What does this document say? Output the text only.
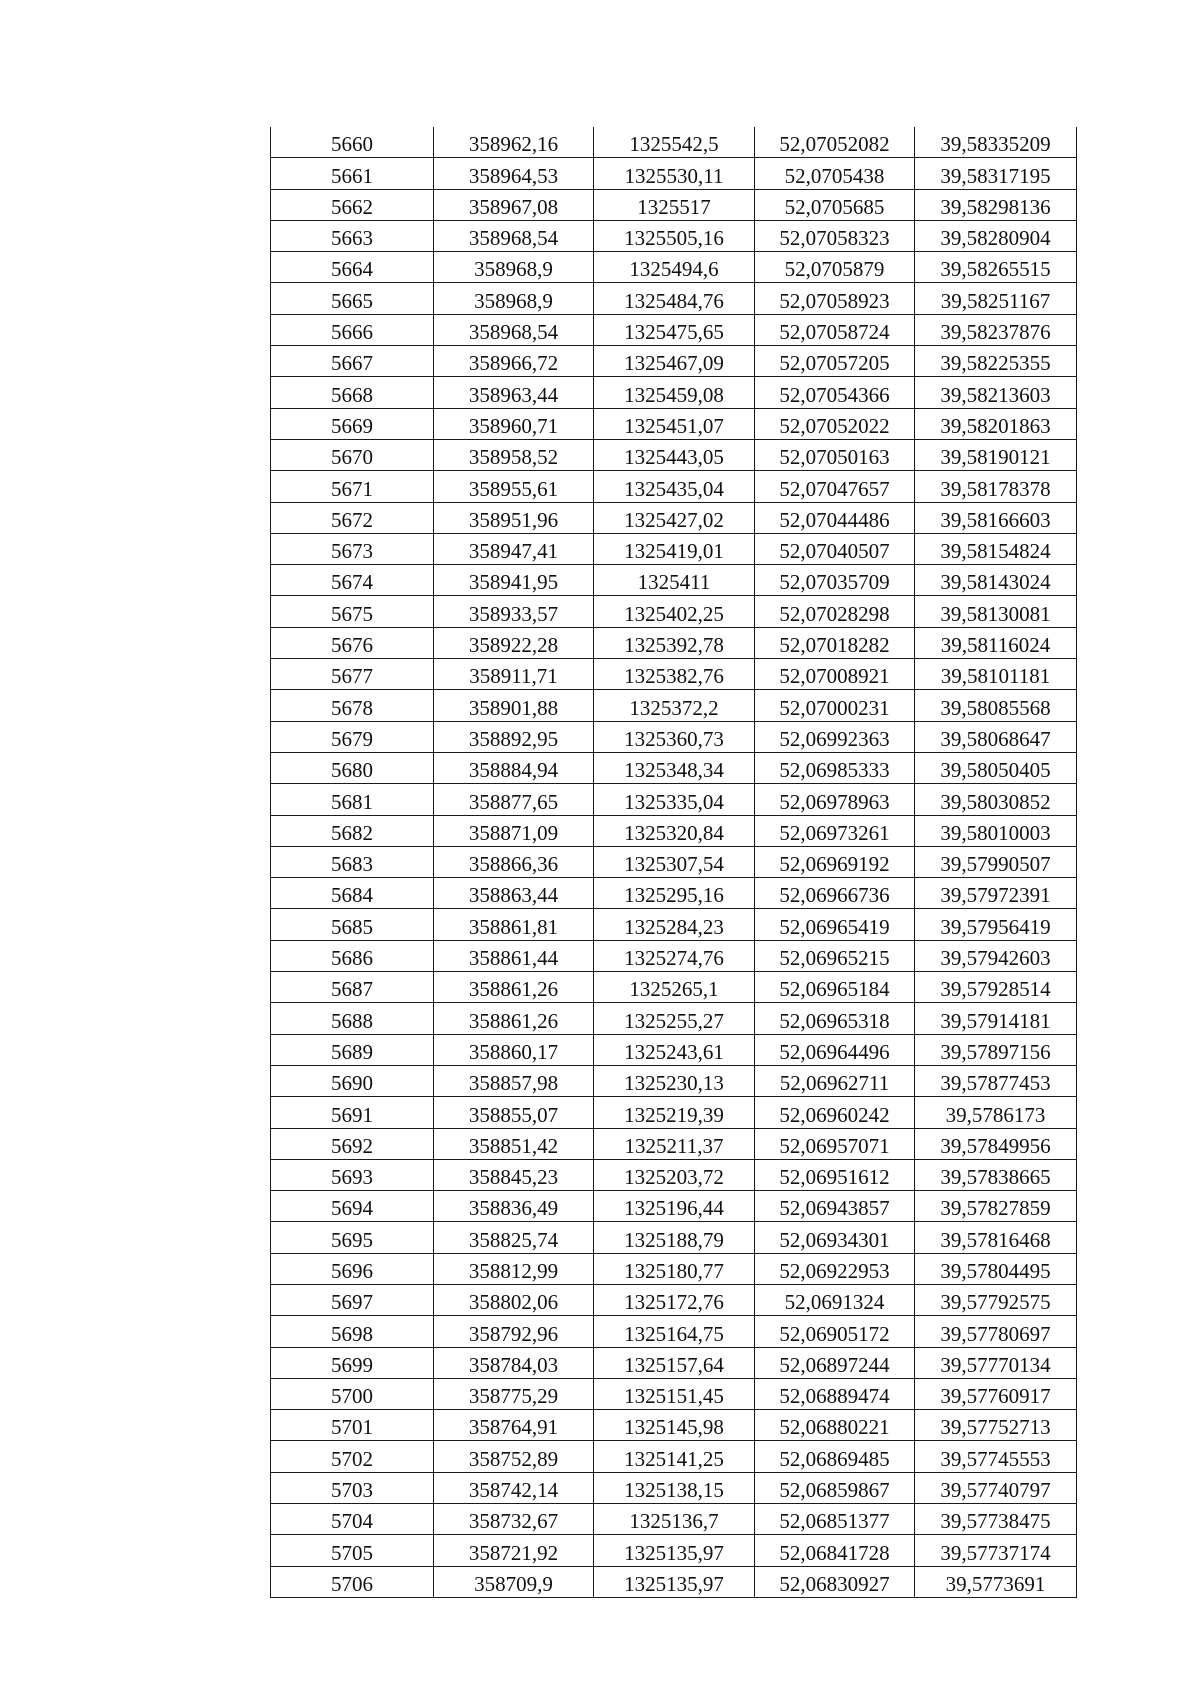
5660	358962,16	1325542,5	52,07052082	39,58335209
5661	358964,53	1325530,11	52,0705438	39,58317195
5662	358967,08	1325517	52,0705685	39,58298136
5663	358968,54	1325505,16	52,07058323	39,58280904
5664	358968,9	1325494,6	52,0705879	39,58265515
5665	358968,9	1325484,76	52,07058923	39,58251167
5666	358968,54	1325475,65	52,07058724	39,58237876
5667	358966,72	1325467,09	52,07057205	39,58225355
5668	358963,44	1325459,08	52,07054366	39,58213603
5669	358960,71	1325451,07	52,07052022	39,58201863
5670	358958,52	1325443,05	52,07050163	39,58190121
5671	358955,61	1325435,04	52,07047657	39,58178378
5672	358951,96	1325427,02	52,07044486	39,58166603
5673	358947,41	1325419,01	52,07040507	39,58154824
5674	358941,95	1325411	52,07035709	39,58143024
5675	358933,57	1325402,25	52,07028298	39,58130081
5676	358922,28	1325392,78	52,07018282	39,58116024
5677	358911,71	1325382,76	52,07008921	39,58101181
5678	358901,88	1325372,2	52,07000231	39,58085568
5679	358892,95	1325360,73	52,06992363	39,58068647
5680	358884,94	1325348,34	52,06985333	39,58050405
5681	358877,65	1325335,04	52,06978963	39,58030852
5682	358871,09	1325320,84	52,06973261	39,58010003
5683	358866,36	1325307,54	52,06969192	39,57990507
5684	358863,44	1325295,16	52,06966736	39,57972391
5685	358861,81	1325284,23	52,06965419	39,57956419
5686	358861,44	1325274,76	52,06965215	39,57942603
5687	358861,26	1325265,1	52,06965184	39,57928514
5688	358861,26	1325255,27	52,06965318	39,57914181
5689	358860,17	1325243,61	52,06964496	39,57897156
5690	358857,98	1325230,13	52,06962711	39,57877453
5691	358855,07	1325219,39	52,06960242	39,5786173
5692	358851,42	1325211,37	52,06957071	39,57849956
5693	358845,23	1325203,72	52,06951612	39,57838665
5694	358836,49	1325196,44	52,06943857	39,57827859
5695	358825,74	1325188,79	52,06934301	39,57816468
5696	358812,99	1325180,77	52,06922953	39,57804495
5697	358802,06	1325172,76	52,0691324	39,57792575
5698	358792,96	1325164,75	52,06905172	39,57780697
5699	358784,03	1325157,64	52,06897244	39,57770134
5700	358775,29	1325151,45	52,06889474	39,57760917
5701	358764,91	1325145,98	52,06880221	39,57752713
5702	358752,89	1325141,25	52,06869485	39,57745553
5703	358742,14	1325138,15	52,06859867	39,57740797
5704	358732,67	1325136,7	52,06851377	39,57738475
5705	358721,92	1325135,97	52,06841728	39,57737174
5706	358709,9	1325135,97	52,06830927	39,5773691
